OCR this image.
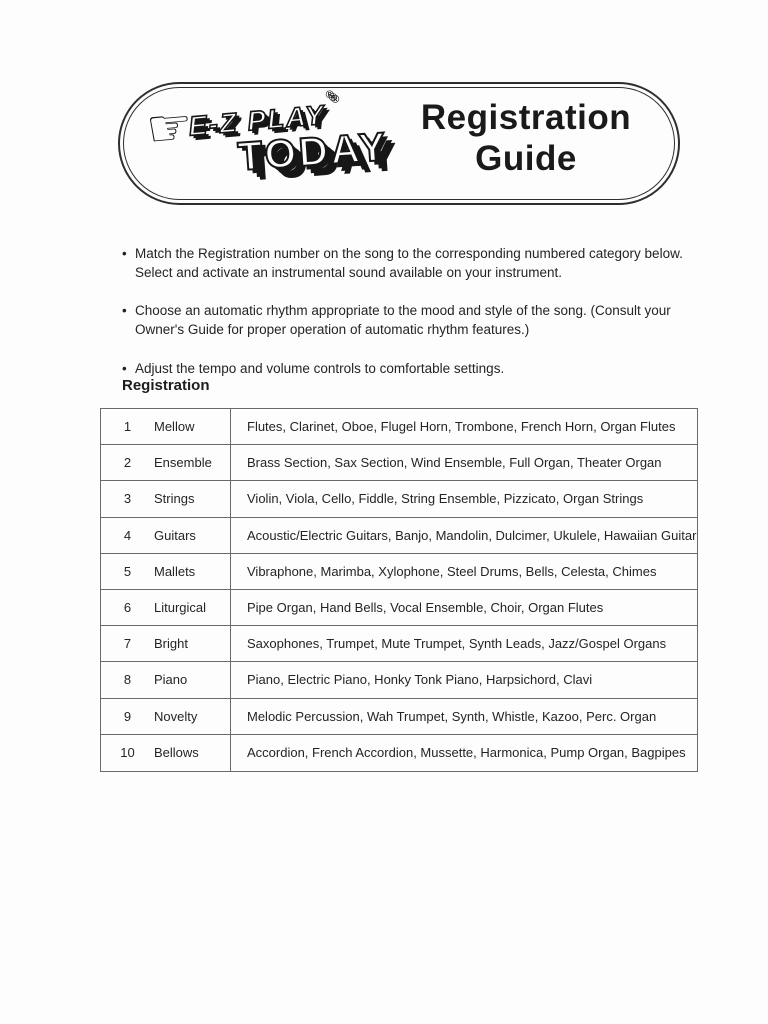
☞
E-Z PLAY®
TODAY
Registration
Guide
• Match the Registration number on the song to the corresponding numbered category below. Select and activate an instrumental sound available on your instrument.
• Choose an automatic rhythm appropriate to the mood and style of the song. (Consult your Owner's Guide for proper operation of automatic rhythm features.)
• Adjust the tempo and volume controls to comfortable settings.
Registration
1	Mellow	Flutes, Clarinet, Oboe, Flugel Horn, Trombone, French Horn, Organ Flutes
2	Ensemble	Brass Section, Sax Section, Wind Ensemble, Full Organ, Theater Organ
3	Strings	Violin, Viola, Cello, Fiddle, String Ensemble, Pizzicato, Organ Strings
4	Guitars	Acoustic/Electric Guitars, Banjo, Mandolin, Dulcimer, Ukulele, Hawaiian Guitar
5	Mallets	Vibraphone, Marimba, Xylophone, Steel Drums, Bells, Celesta, Chimes
6	Liturgical	Pipe Organ, Hand Bells, Vocal Ensemble, Choir, Organ Flutes
7	Bright	Saxophones, Trumpet, Mute Trumpet, Synth Leads, Jazz/Gospel Organs
8	Piano	Piano, Electric Piano, Honky Tonk Piano, Harpsichord, Clavi
9	Novelty	Melodic Percussion, Wah Trumpet, Synth, Whistle, Kazoo, Perc. Organ
10	Bellows	Accordion, French Accordion, Mussette, Harmonica, Pump Organ, Bagpipes
